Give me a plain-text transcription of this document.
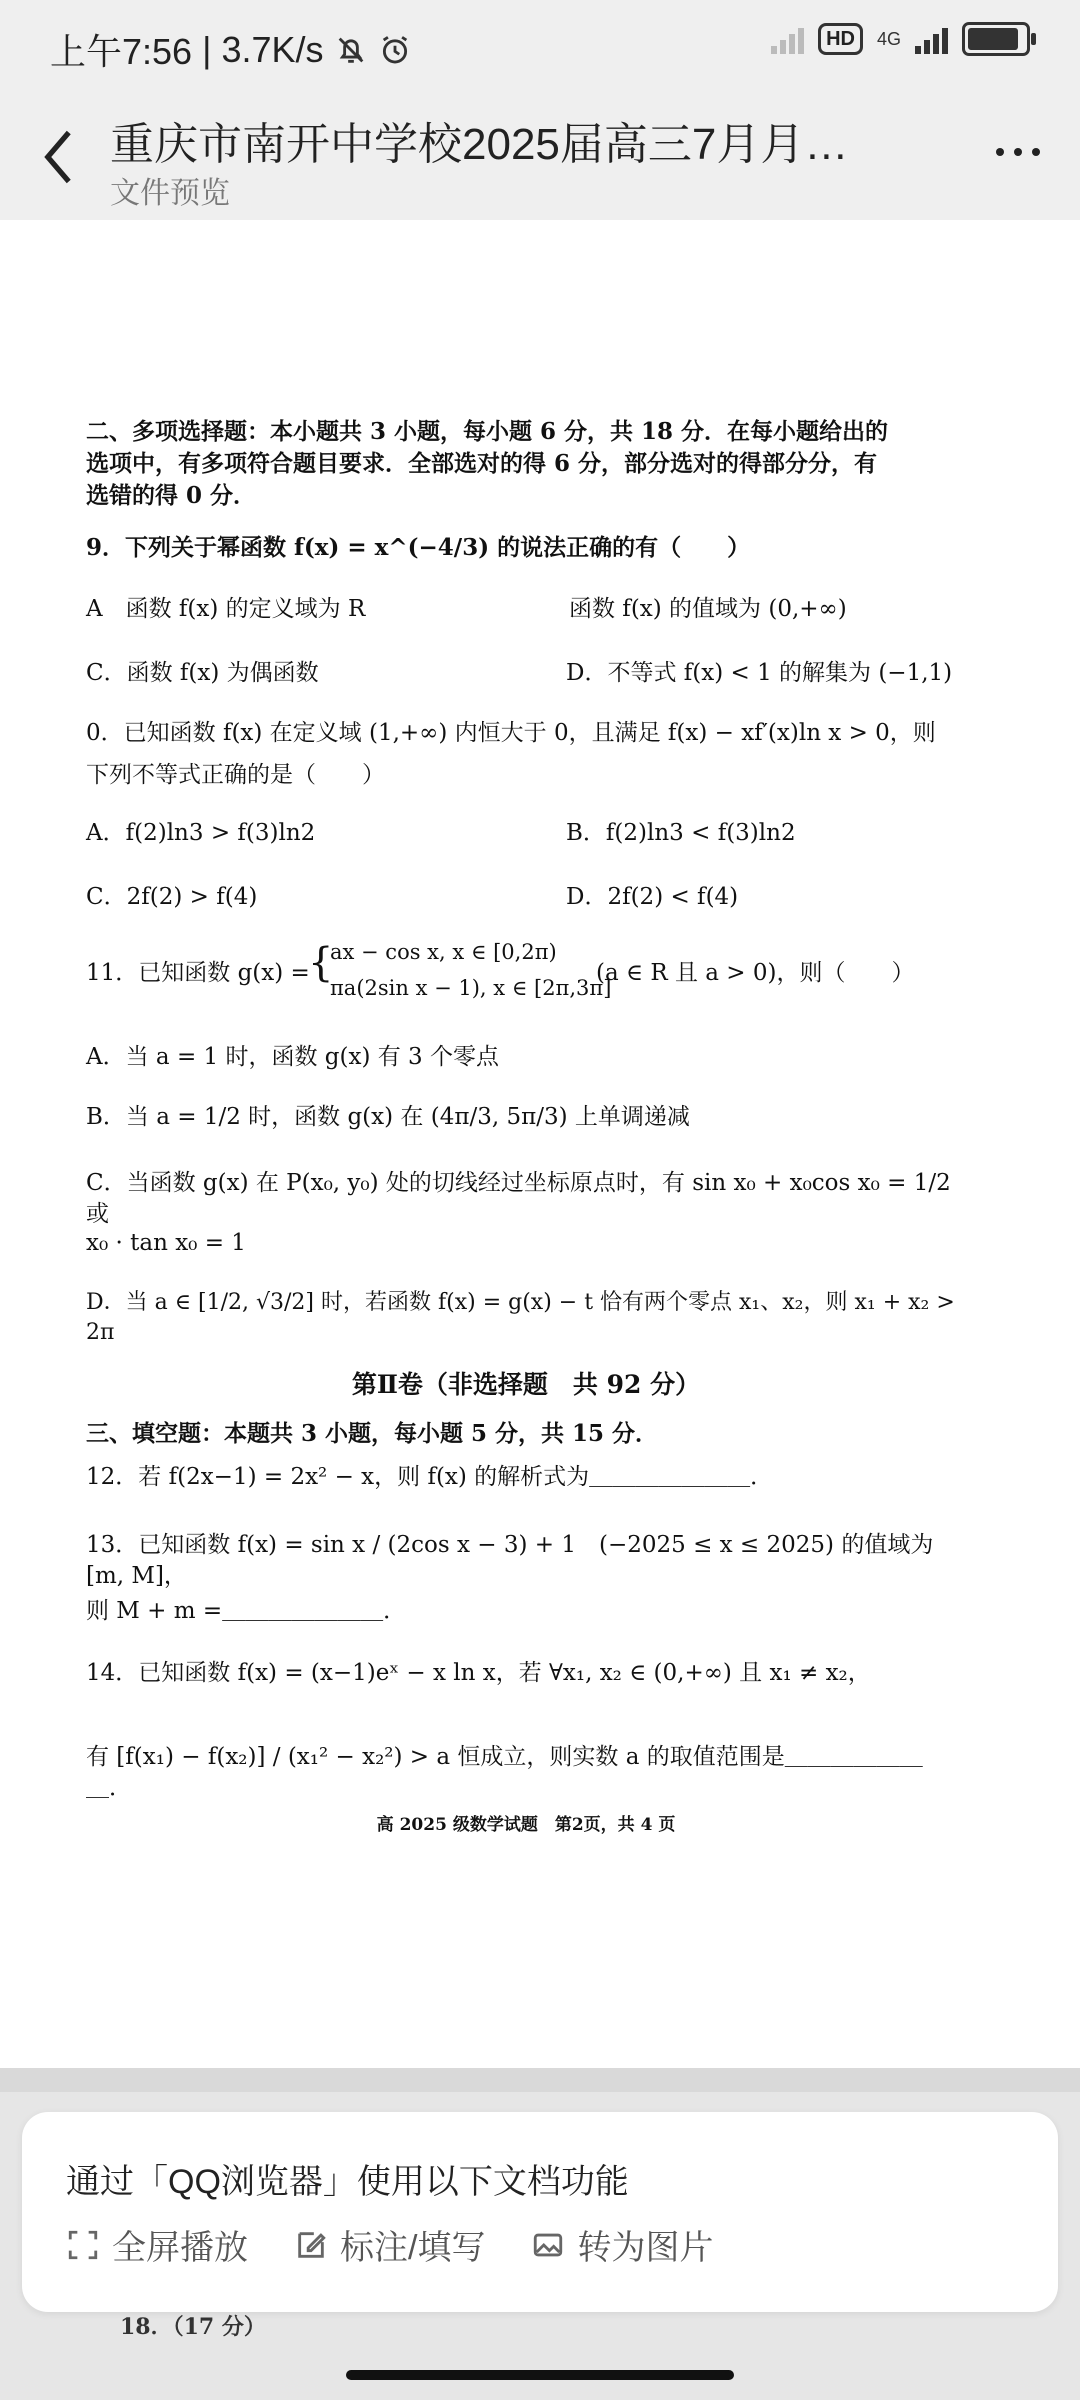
上午7:56 | 3.7K/s	HD	4G
重庆市南开中学校2025届高三7月月…
文件预览
二、多项选择题：本小题共 3 小题，每小题 6 分，共 18 分．在每小题给出的
选项中，有多项符合题目要求．全部选对的得 6 分，部分选对的得部分分，有
选错的得 0 分．
9．下列关于幂函数 f(x) = x^(−4/3) 的说法正确的有（　　）
A　函数 f(x) 的定义域为 R	　函数 f(x) 的值域为 (0,+∞)
C．函数 f(x) 为偶函数	D．不等式 f(x) < 1 的解集为 (−1,1)
0．已知函数 f(x) 在定义域 (1,+∞) 内恒大于 0，且满足 f(x) − xf′(x)ln x > 0，则
下列不等式正确的是（　　）
A．f(2)ln3 > f(3)ln2	B．f(2)ln3 < f(3)ln2
C．2f(2) > f(4)	D．2f(2) < f(4)
11．已知函数 g(x) =
{
ax − cos x, x ∈ [0,2π)
πa(2sin x − 1), x ∈ [2π,3π]
(a ∈ R 且 a > 0)，则（　　）
A．当 a = 1 时，函数 g(x) 有 3 个零点
B．当 a = 1/2 时，函数 g(x) 在 (4π/3, 5π/3) 上单调递减
C．当函数 g(x) 在 P(x₀, y₀) 处的切线经过坐标原点时，有 sin x₀ + x₀cos x₀ = 1/2 或
x₀ · tan x₀ = 1
D．当 a ∈ [1/2, √3/2] 时，若函数 f(x) = g(x) − t 恰有两个零点 x₁、x₂，则 x₁ + x₂ > 2π
第Ⅱ卷（非选择题　共 92 分）
三、填空题：本题共 3 小题，每小题 5 分，共 15 分．
12．若 f(2x−1) = 2x² − x，则 f(x) 的解析式为＿＿＿＿＿＿＿．
13．已知函数 f(x) = sin x / (2cos x − 3) + 1　(−2025 ≤ x ≤ 2025) 的值域为 [m, M]，
则 M + m =＿＿＿＿＿＿＿．
14．已知函数 f(x) = (x−1)eˣ − x ln x，若 ∀x₁, x₂ ∈ (0,+∞) 且 x₁ ≠ x₂，
有 [f(x₁) − f(x₂)] / (x₁² − x₂²) > a 恒成立，则实数 a 的取值范围是＿＿＿＿＿＿＿．
高 2025 级数学试题　第2页，共 4 页
18．（17 分）
通过「QQ浏览器」使用以下文档功能
全屏播放	标注/填写	转为图片
